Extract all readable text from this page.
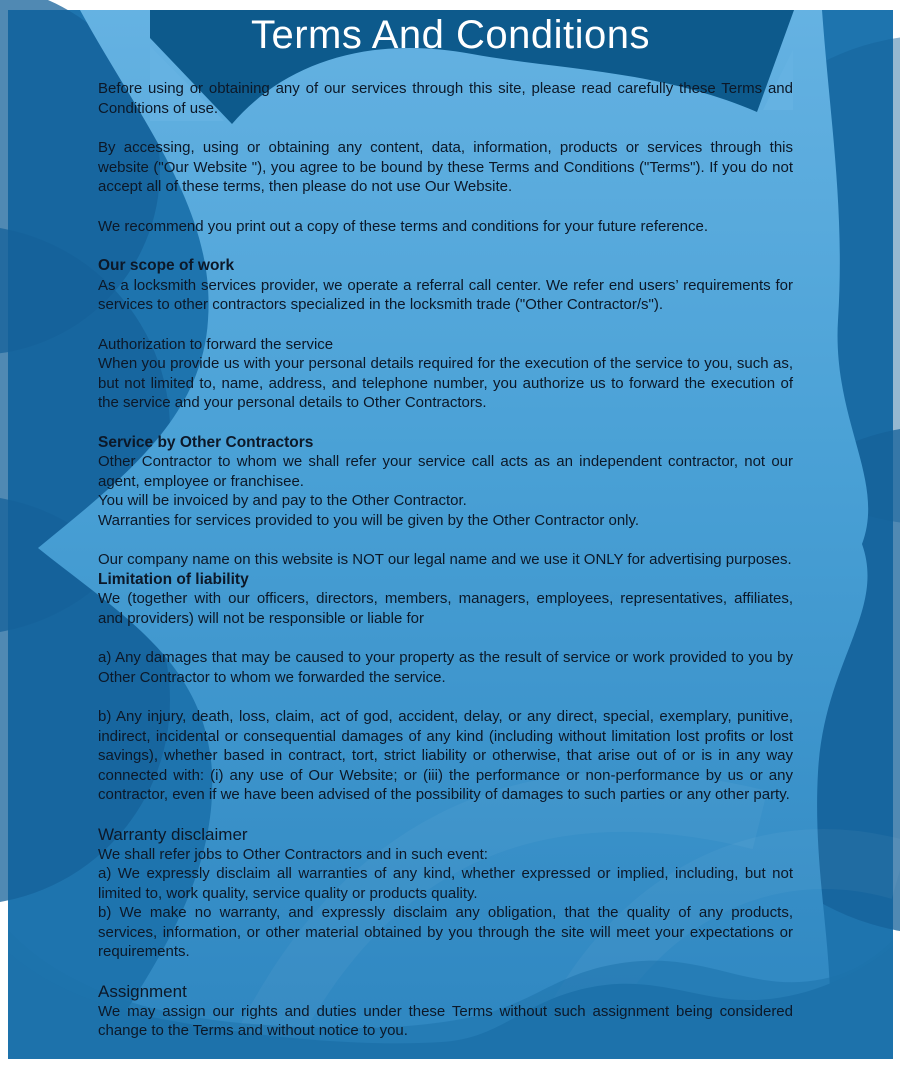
Terms And Conditions

Before using or obtaining any of our services through this site, please read carefully these Terms and Conditions of use.

By accessing, using or obtaining any content, data, information, products or services through this website ("Our Website "), you agree to be bound by these Terms and Conditions ("Terms"). If you do not accept all of these terms, then please do not use Our Website.

We recommend you print out a copy of these terms and conditions for your future reference.

Our scope of work

As a locksmith services provider, we operate a referral call center. We refer end users’ requirements for services to other contractors specialized in the locksmith trade ("Other Contractor/s").

Authorization to forward the service

When you provide us with your personal details required for the execution of the service to you, such as, but not limited to, name, address, and telephone number, you authorize us to forward the execution of the service and your personal details to Other Contractors.

Service by Other Contractors

Other Contractor to whom we shall refer your service call acts as an independent contractor, not our agent, employee or franchisee.

You will be invoiced by and pay to the Other Contractor.

Warranties for services provided to you will be given by the Other Contractor only.

Our company name on this website is NOT our legal name and we use it ONLY for advertising purposes.

Limitation of liability

We (together with our officers, directors, members, managers, employees, representatives, affiliates, and providers) will not be responsible or liable for

a) Any damages that may be caused to your property as the result of service or work provided to you by Other Contractor to whom we forwarded the service.

b) Any injury, death, loss, claim, act of god, accident, delay, or any direct, special, exemplary, punitive, indirect, incidental or consequential damages of any kind (including without limitation lost profits or lost savings), whether based in contract, tort, strict liability or otherwise, that arise out of or is in any way connected with: (i) any use of Our Website; or (iii) the performance or non-performance by us or any contractor, even if we have been advised of the possibility of damages to such parties or any other party.

Warranty disclaimer

We shall refer jobs to Other Contractors and in such event:

a) We expressly disclaim all warranties of any kind, whether expressed or implied, including, but not limited to, work quality, service quality or products quality.

b) We make no warranty, and expressly disclaim any obligation, that the quality of any products, services, information, or other material obtained by you through the site will meet your expectations or requirements.

Assignment

We may assign our rights and duties under these Terms without such assignment being considered change to the Terms and without notice to you.
